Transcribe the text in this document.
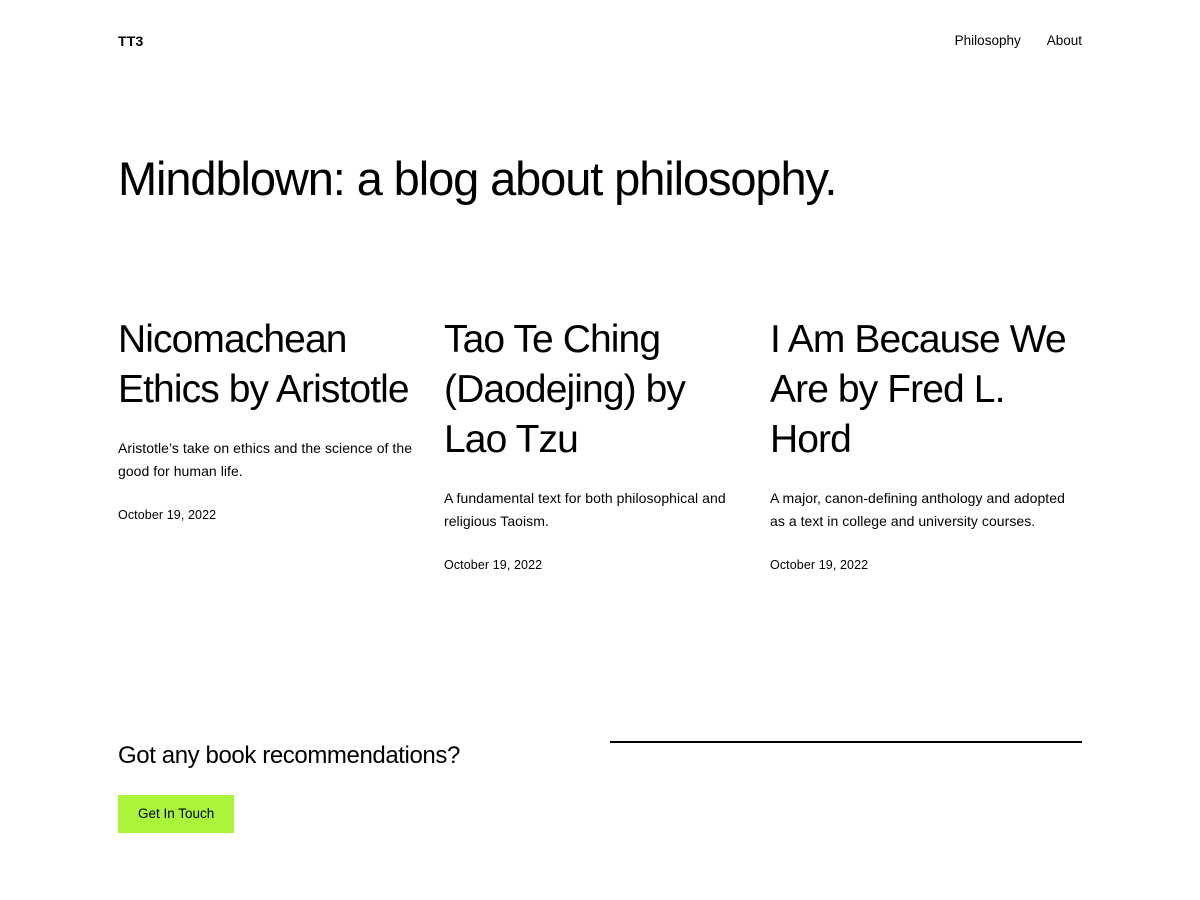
TT3	Philosophy About
Mindblown: a blog about philosophy.
Nicomachean Ethics by Aristotle

Aristotle’s take on ethics and the science of the good for human life.

October 19, 2022
Tao Te Ching (Daodejing) by Lao Tzu

A fundamental text for both philosophical and religious Taoism.

October 19, 2022
I Am Because We Are by Fred L. Hord

A major, canon-defining anthology and adopted as a text in college and university courses.

October 19, 2022
Got any book recommendations?
Get In Touch
